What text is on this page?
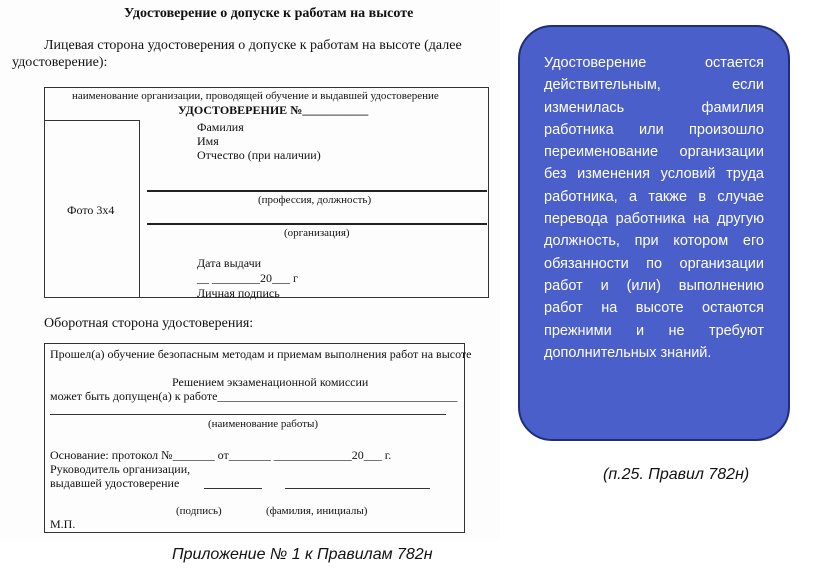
Удостоверение о допуске к работам на высоте
Лицевая сторона удостоверения о допуске к работам на высоте (далее
удостоверение):
Фото 3х4
наименование организации, проводящей обучение и выдавшей удостоверение
УДОСТОВЕРЕНИЕ №___________
Фамилия
Имя
Отчество (при наличии)
(профессия, должность)
(организация)
Дата выдачи
__ ________20___ г
Личная подпись
Оборотная сторона удостоверения:
Прошел(а) обучение безопасным методам и приемам выполнения работ на высоте
Решением экзаменационной комиссии
может быть допущен(а) к работе________________________________________
(наименование работы)
Основание: протокол №_______ от_______ _____________20___ г.
Руководитель организации,
выдавшей удостоверение
(подпись)	(фамилия, инициалы)
М.П.
Приложение № 1 к Правилам 782н
Удостоверение остается действительным, если изменилась фамилия работника или произошло переименование организации без изменения условий труда работника, а также в случае перевода работника на другую должность, при котором его обязанности по организации работ и (или) выполнению работ на высоте остаются прежними и не требуют дополнительных знаний.
(п.25. Правил 782н)
